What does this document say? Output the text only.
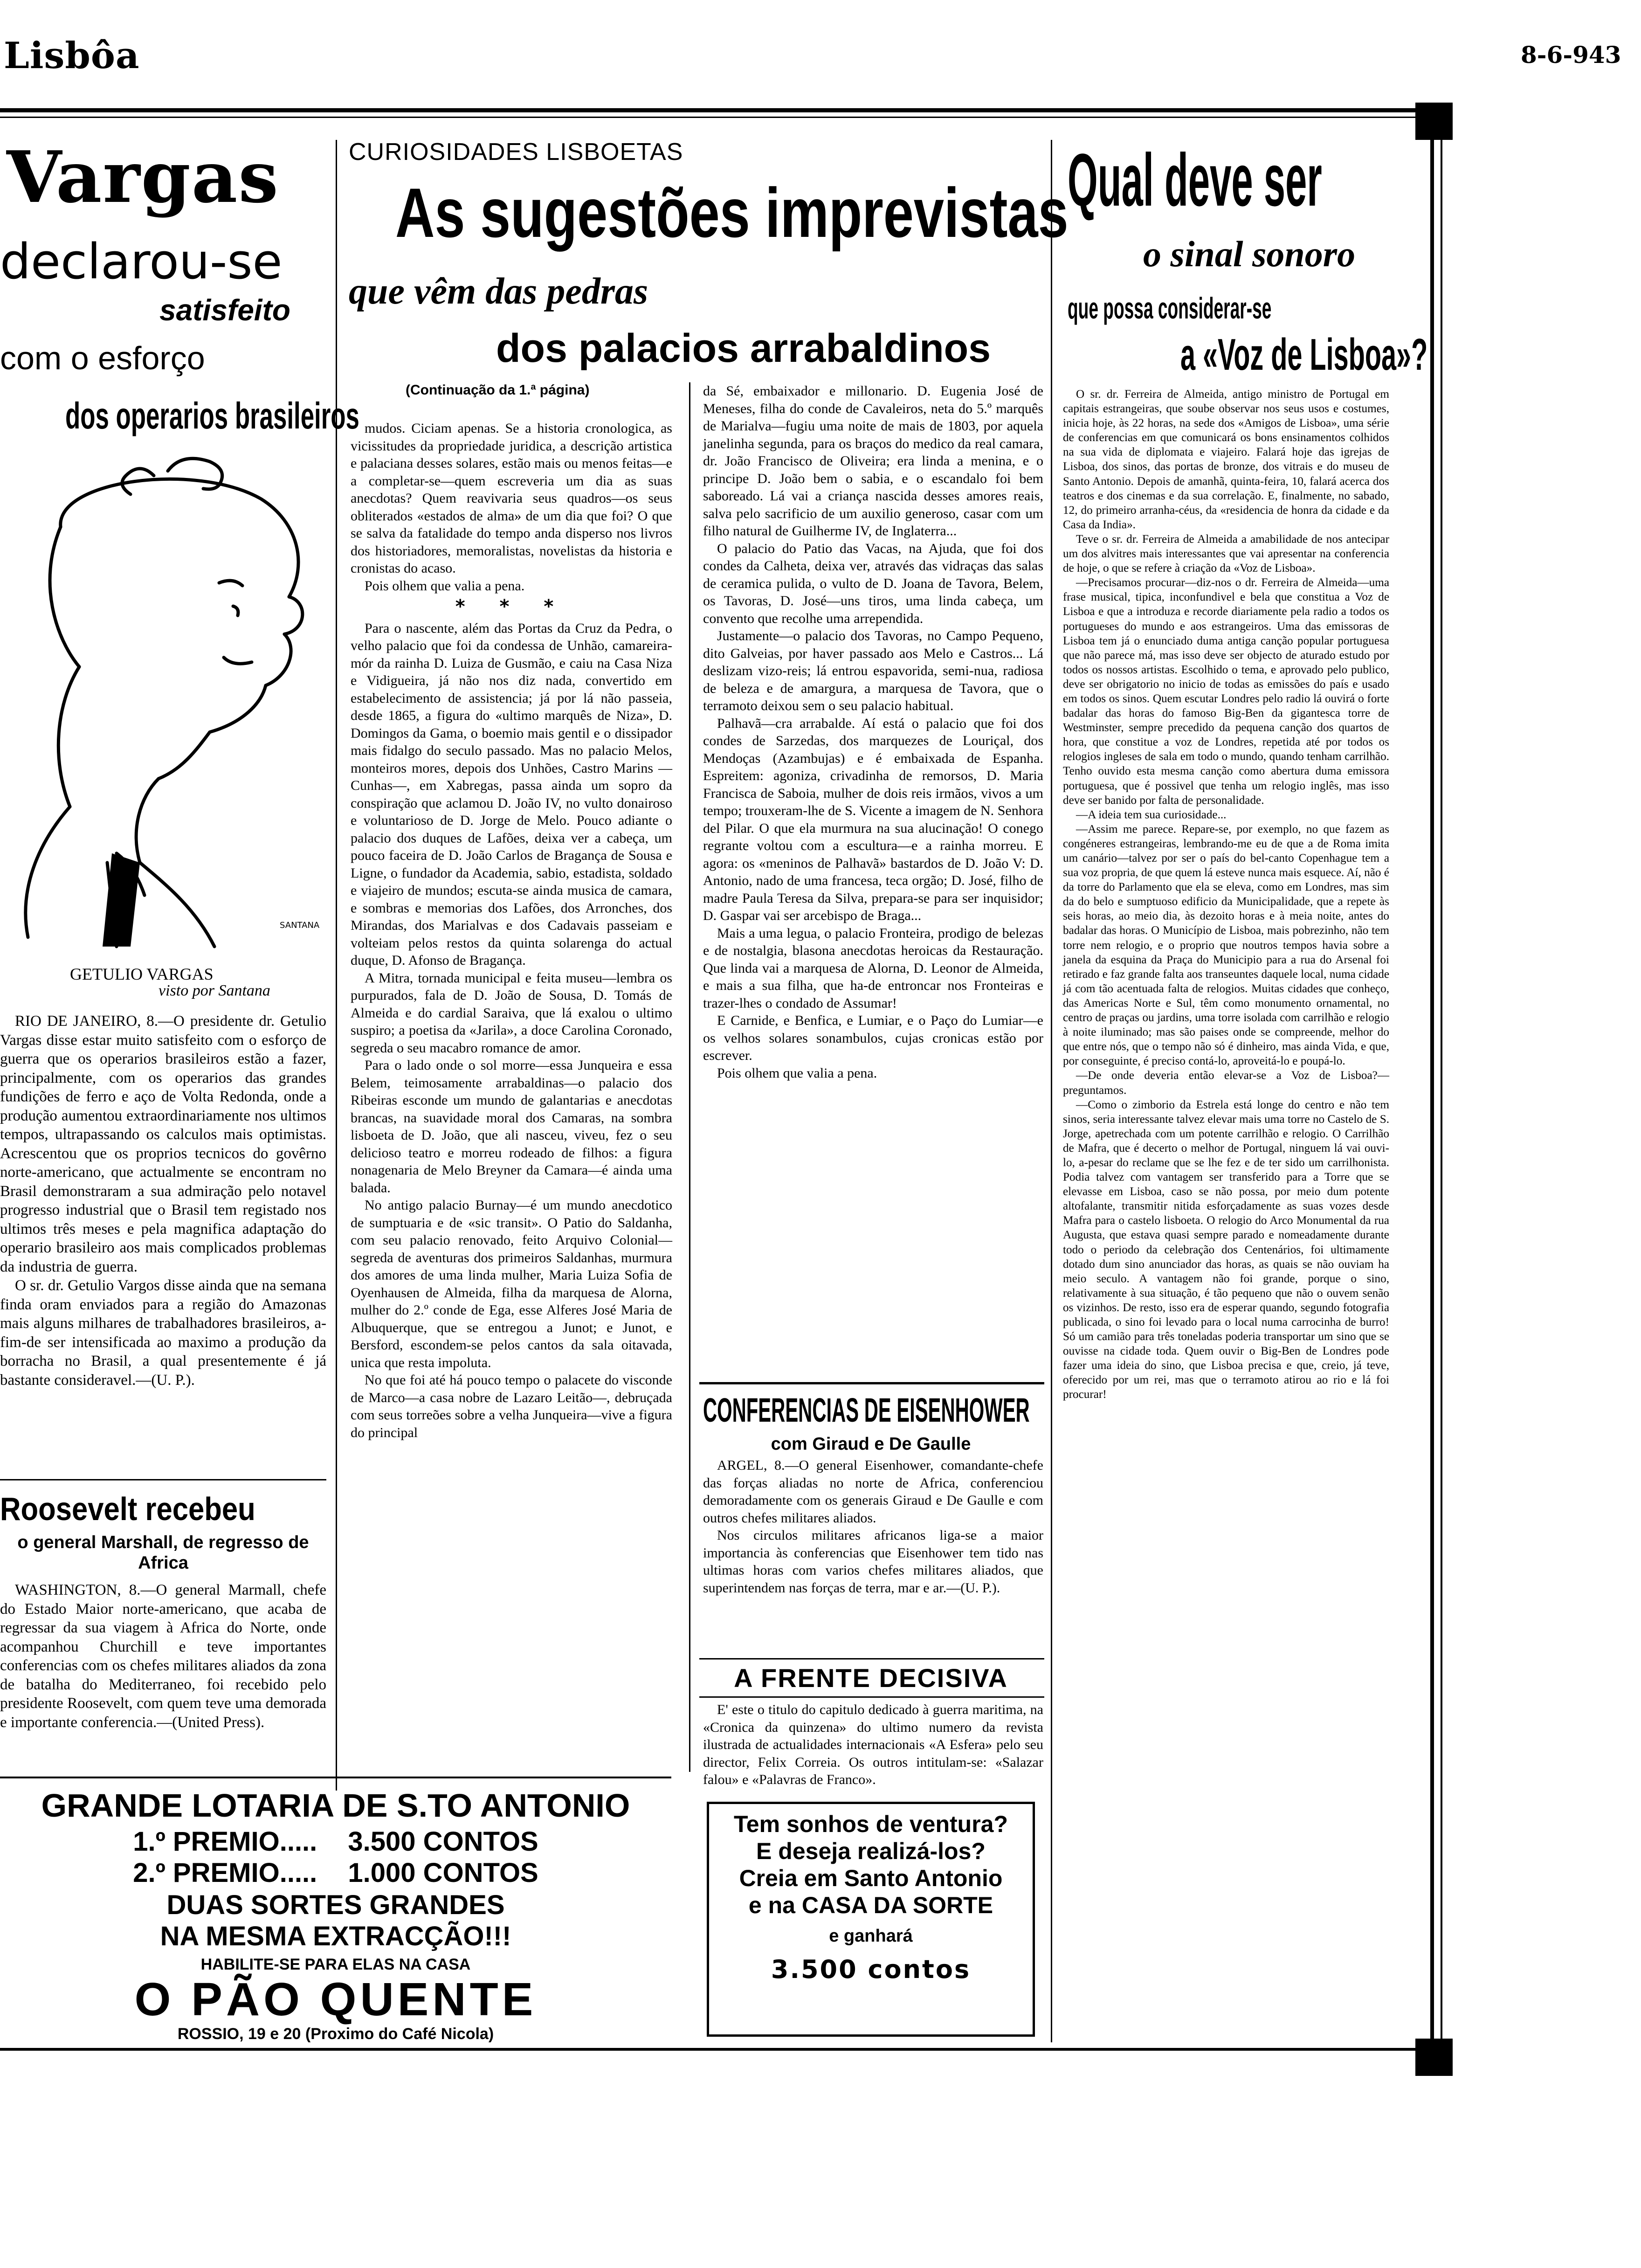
Lisbôa	8-6-943
Vargas
declarou-se
satisfeito
com o esforço
dos operarios brasileiros
SANTANA
GETULIO VARGAS
visto por Santana

RIO DE JANEIRO, 8.—O presidente dr. Getulio Vargas disse estar muito satisfeito com o esforço de guerra que os operarios brasileiros estão a fazer, principalmente, com os operarios das grandes fundições de ferro e aço de Volta Redonda, onde a produção aumentou extraordinariamente nos ultimos tempos, ultrapassando os calculos mais optimistas. Acrescentou que os proprios tecnicos do govêrno norte-americano, que actualmente se encontram no Brasil demonstraram a sua admiração pelo notavel progresso industrial que o Brasil tem registado nos ultimos três meses e pela magnifica adaptação do operario brasileiro aos mais complicados problemas da industria de guerra.

O sr. dr. Getulio Vargos disse ainda que na semana finda oram enviados para a região do Amazonas mais alguns milhares de trabalhadores brasileiros, a-fim-de ser intensificada ao maximo a produção da borracha no Brasil, a qual presentemente é já bastante consideravel.—(U. P.).

Roosevelt recebeu
o general Marshall, de regresso de Africa

WASHINGTON, 8.—O general Marmall, chefe do Estado Maior norte-americano, que acaba de regressar da sua viagem à Africa do Norte, onde acompanhou Churchill e teve importantes conferencias com os chefes militares aliados da zona de batalha do Mediterraneo, foi recebido pelo presidente Roosevelt, com quem teve uma demorada e importante conferencia.—(United Press).

CURIOSIDADES LISBOETAS
As sugestões imprevistas
que vêm das pedras
dos palacios arrabaldinos
(Continuação da 1.ª página)

mudos. Ciciam apenas. Se a historia cronologica, as vicissitudes da propriedade juridica, a descrição artistica e palaciana desses solares, estão mais ou menos feitas—e a completar-se—quem escreveria um dia as suas anecdotas? Quem reavivaria seus quadros—os seus obliterados «estados de alma» de um dia que foi? O que se salva da fatalidade do tempo anda disperso nos livros dos historiadores, memoralistas, novelistas da historia e cronistas do acaso.

Pois olhem que valia a pena.

* * *

Para o nascente, além das Portas da Cruz da Pedra, o velho palacio que foi da condessa de Unhão, camareira-mór da rainha D. Luiza de Gusmão, e caiu na Casa Niza e Vidigueira, já não nos diz nada, convertido em estabelecimento de assistencia; já por lá não passeia, desde 1865, a figura do «ultimo marquês de Niza», D. Domingos da Gama, o boemio mais gentil e o dissipador mais fidalgo do seculo passado. Mas no palacio Melos, monteiros mores, depois dos Unhões, Castro Marins —Cunhas—, em Xabregas, passa ainda um sopro da conspiração que aclamou D. João IV, no vulto donairoso e voluntarioso de D. Jorge de Melo. Pouco adiante o palacio dos duques de Lafões, deixa ver a cabeça, um pouco faceira de D. João Carlos de Bragança de Sousa e Ligne, o fundador da Academia, sabio, estadista, soldado e viajeiro de mundos; escuta-se ainda musica de camara, e sombras e memorias dos Lafões, dos Arronches, dos Mirandas, dos Marialvas e dos Cadavais passeiam e volteiam pelos restos da quinta solarenga do actual duque, D. Afonso de Bragança.

A Mitra, tornada municipal e feita museu—lembra os purpurados, fala de D. João de Sousa, D. Tomás de Almeida e do cardial Saraiva, que lá exalou o ultimo suspiro; a poetisa da «Jarila», a doce Carolina Coronado, segreda o seu macabro romance de amor.

Para o lado onde o sol morre—essa Junqueira e essa Belem, teimosamente arrabaldinas—o palacio dos Ribeiras esconde um mundo de galantarias e anecdotas brancas, na suavidade moral dos Camaras, na sombra lisboeta de D. João, que ali nasceu, viveu, fez o seu delicioso teatro e morreu rodeado de filhos: a figura nonagenaria de Melo Breyner da Camara—é ainda uma balada.

No antigo palacio Burnay—é um mundo anecdotico de sumptuaria e de «sic transit». O Patio do Saldanha, com seu palacio renovado, feito Arquivo Colonial—segreda de aventuras dos primeiros Saldanhas, murmura dos amores de uma linda mulher, Maria Luiza Sofia de Oyenhausen de Almeida, filha da marquesa de Alorna, mulher do 2.º conde de Ega, esse Alferes José Maria de Albuquerque, que se entregou a Junot; e Junot, e Bersford, escondem-se pelos cantos da sala oitavada, unica que resta impoluta.

No que foi até há pouco tempo o palacete do visconde de Marco—a casa nobre de Lazaro Leitão—, debruçada com seus torreões sobre a velha Junqueira—vive a figura do principal

da Sé, embaixador e millonario. D. Eugenia José de Meneses, filha do conde de Cavaleiros, neta do 5.º marquês de Marialva—fugiu uma noite de mais de 1803, por aquela janelinha segunda, para os braços do medico da real camara, dr. João Francisco de Oliveira; era linda a menina, e o principe D. João bem o sabia, e o escandalo foi bem saboreado. Lá vai a criança nascida desses amores reais, salva pelo sacrificio de um auxilio generoso, casar com um filho natural de Guilherme IV, de Inglaterra...

O palacio do Patio das Vacas, na Ajuda, que foi dos condes da Calheta, deixa ver, através das vidraças das salas de ceramica pulida, o vulto de D. Joana de Tavora, Belem, os Tavoras, D. José—uns tiros, uma linda cabeça, um convento que recolhe uma arrependida.

Justamente—o palacio dos Tavoras, no Campo Pequeno, dito Galveias, por haver passado aos Melo e Castros... Lá deslizam vizo-reis; lá entrou espavorida, semi-nua, radiosa de beleza e de amargura, a marquesa de Tavora, que o terramoto deixou sem o seu palacio habitual.

Palhavã—cra arrabalde. Aí está o palacio que foi dos condes de Sarzedas, dos marquezes de Louriçal, dos Mendoças (Azambujas) e é embaixada de Espanha. Espreitem: agoniza, crivadinha de remorsos, D. Maria Francisca de Saboia, mulher de dois reis irmãos, vivos a um tempo; trouxeram-lhe de S. Vicente a imagem de N. Senhora del Pilar. O que ela murmura na sua alucinação! O conego regrante voltou com a escultura—e a rainha morreu. E agora: os «meninos de Palhavã» bastardos de D. João V: D. Antonio, nado de uma francesa, teca orgão; D. José, filho de madre Paula Teresa da Silva, prepara-se para ser inquisidor; D. Gaspar vai ser arcebispo de Braga...

Mais a uma legua, o palacio Fronteira, prodigo de belezas e de nostalgia, blasona anecdotas heroicas da Restauração. Que linda vai a marquesa de Alorna, D. Leonor de Almeida, e mais a sua filha, que ha-de entroncar nos Fronteiras e trazer-lhes o condado de Assumar!

E Carnide, e Benfica, e Lumiar, e o Paço do Lumiar—e os velhos solares sonambulos, cujas cronicas estão por escrever.

Pois olhem que valia a pena.

CONFERENCIAS DE EISENHOWER
com Giraud e De Gaulle

ARGEL, 8.—O general Eisenhower, comandante-chefe das forças aliadas no norte de Africa, conferenciou demoradamente com os generais Giraud e De Gaulle e com outros chefes militares aliados.

Nos circulos militares africanos liga-se a maior importancia às conferencias que Eisenhower tem tido nas ultimas horas com varios chefes militares aliados, que superintendem nas forças de terra, mar e ar.—(U. P.).

A FRENTE DECISIVA

E' este o titulo do capitulo dedicado à guerra maritima, na «Cronica da quinzena» do ultimo numero da revista ilustrada de actualidades internacionais «A Esfera» pelo seu director, Felix Correia. Os outros intitulam-se: «Salazar falou» e «Palavras de Franco».

Tem sonhos de ventura?
E deseja realizá-los?
Creia em Santo Antonio
e na CASA DA SORTE
e ganhará
3.500 contos
GRANDE LOTARIA DE S.TO ANTONIO
1.º PREMIO..... 3.500 CONTOS
2.º PREMIO..... 1.000 CONTOS
DUAS SORTES GRANDES
NA MESMA EXTRACÇÃO!!!
HABILITE-SE PARA ELAS NA CASA
O PÃO QUENTE
ROSSIO, 19 e 20 (Proximo do Café Nicola)
Qual deve ser
o sinal sonoro
que possa considerar-se
a «Voz de Lisboa»?

O sr. dr. Ferreira de Almeida, antigo ministro de Portugal em capitais estrangeiras, que soube observar nos seus usos e costumes, inicia hoje, às 22 horas, na sede dos «Amigos de Lisboa», uma série de conferencias em que comunicará os bons ensinamentos colhidos na sua vida de diplomata e viajeiro. Falará hoje das igrejas de Lisboa, dos sinos, das portas de bronze, dos vitrais e do museu de Santo Antonio. Depois de amanhã, quinta-feira, 10, falará acerca dos teatros e dos cinemas e da sua correlação. E, finalmente, no sabado, 12, do primeiro arranha-céus, da «residencia de honra da cidade e da Casa da India».

Teve o sr. dr. Ferreira de Almeida a amabilidade de nos antecipar um dos alvitres mais interessantes que vai apresentar na conferencia de hoje, o que se refere à criação da «Voz de Lisboa».

—Precisamos procurar—diz-nos o dr. Ferreira de Almeida—uma frase musical, tipica, inconfundivel e bela que constitua a Voz de Lisboa e que a introduza e recorde diariamente pela radio a todos os portugueses do mundo e aos estrangeiros. Uma das emissoras de Lisboa tem já o enunciado duma antiga canção popular portuguesa que não parece má, mas isso deve ser objecto de aturado estudo por todos os nossos artistas. Escolhido o tema, e aprovado pelo publico, deve ser obrigatorio no inicio de todas as emissões do país e usado em todos os sinos. Quem escutar Londres pelo radio lá ouvirá o forte badalar das horas do famoso Big-Ben da gigantesca torre de Westminster, sempre precedido da pequena canção dos quartos de hora, que constitue a voz de Londres, repetida até por todos os relogios ingleses de sala em todo o mundo, quando tenham carrilhão. Tenho ouvido esta mesma canção como abertura duma emissora portuguesa, que é possivel que tenha um relogio inglês, mas isso deve ser banido por falta de personalidade.

—A ideia tem sua curiosidade...

—Assim me parece. Repare-se, por exemplo, no que fazem as congéneres estrangeiras, lembrando-me eu de que a de Roma imita um canário—talvez por ser o país do bel-canto Copenhague tem a sua voz propria, de que quem lá esteve nunca mais esquece. Aí, não é da torre do Parlamento que ela se eleva, como em Londres, mas sim da do belo e sumptuoso edificio da Municipalidade, que a repete às seis horas, ao meio dia, às dezoito horas e à meia noite, antes do badalar das horas. O Município de Lisboa, mais pobrezinho, não tem torre nem relogio, e o proprio que noutros tempos havia sobre a janela da esquina da Praça do Municipio para a rua do Arsenal foi retirado e faz grande falta aos transeuntes daquele local, numa cidade já com tão acentuada falta de relogios. Muitas cidades que conheço, das Americas Norte e Sul, têm como monumento ornamental, no centro de praças ou jardins, uma torre isolada com carrilhão e relogio à noite iluminado; mas são paises onde se compreende, melhor do que entre nós, que o tempo não só é dinheiro, mas ainda Vida, e que, por conseguinte, é preciso contá-lo, aproveitá-lo e poupá-lo.

—De onde deveria então elevar-se a Voz de Lisboa?—preguntamos.

—Como o zimborio da Estrela está longe do centro e não tem sinos, seria interessante talvez elevar mais uma torre no Castelo de S. Jorge, apetrechada com um potente carrilhão e relogio. O Carrilhão de Mafra, que é decerto o melhor de Portugal, ninguem lá vai ouvi-lo, a-pesar do reclame que se lhe fez e de ter sido um carrilhonista. Podia talvez com vantagem ser transferido para a Torre que se elevasse em Lisboa, caso se não possa, por meio dum potente altofalante, transmitir nitida esforçadamente as suas vozes desde Mafra para o castelo lisboeta. O relogio do Arco Monumental da rua Augusta, que estava quasi sempre parado e nomeadamente durante todo o periodo da celebração dos Centenários, foi ultimamente dotado dum sino anunciador das horas, as quais se não ouviam ha meio seculo. A vantagem não foi grande, porque o sino, relativamente à sua situação, é tão pequeno que não o ouvem senão os vizinhos. De resto, isso era de esperar quando, segundo fotografia publicada, o sino foi levado para o local numa carrocinha de burro! Só um camião para três toneladas poderia transportar um sino que se ouvisse na cidade toda. Quem ouvir o Big-Ben de Londres pode fazer uma ideia do sino, que Lisboa precisa e que, creio, já teve, oferecido por um rei, mas que o terramoto atirou ao rio e lá foi procurar!
